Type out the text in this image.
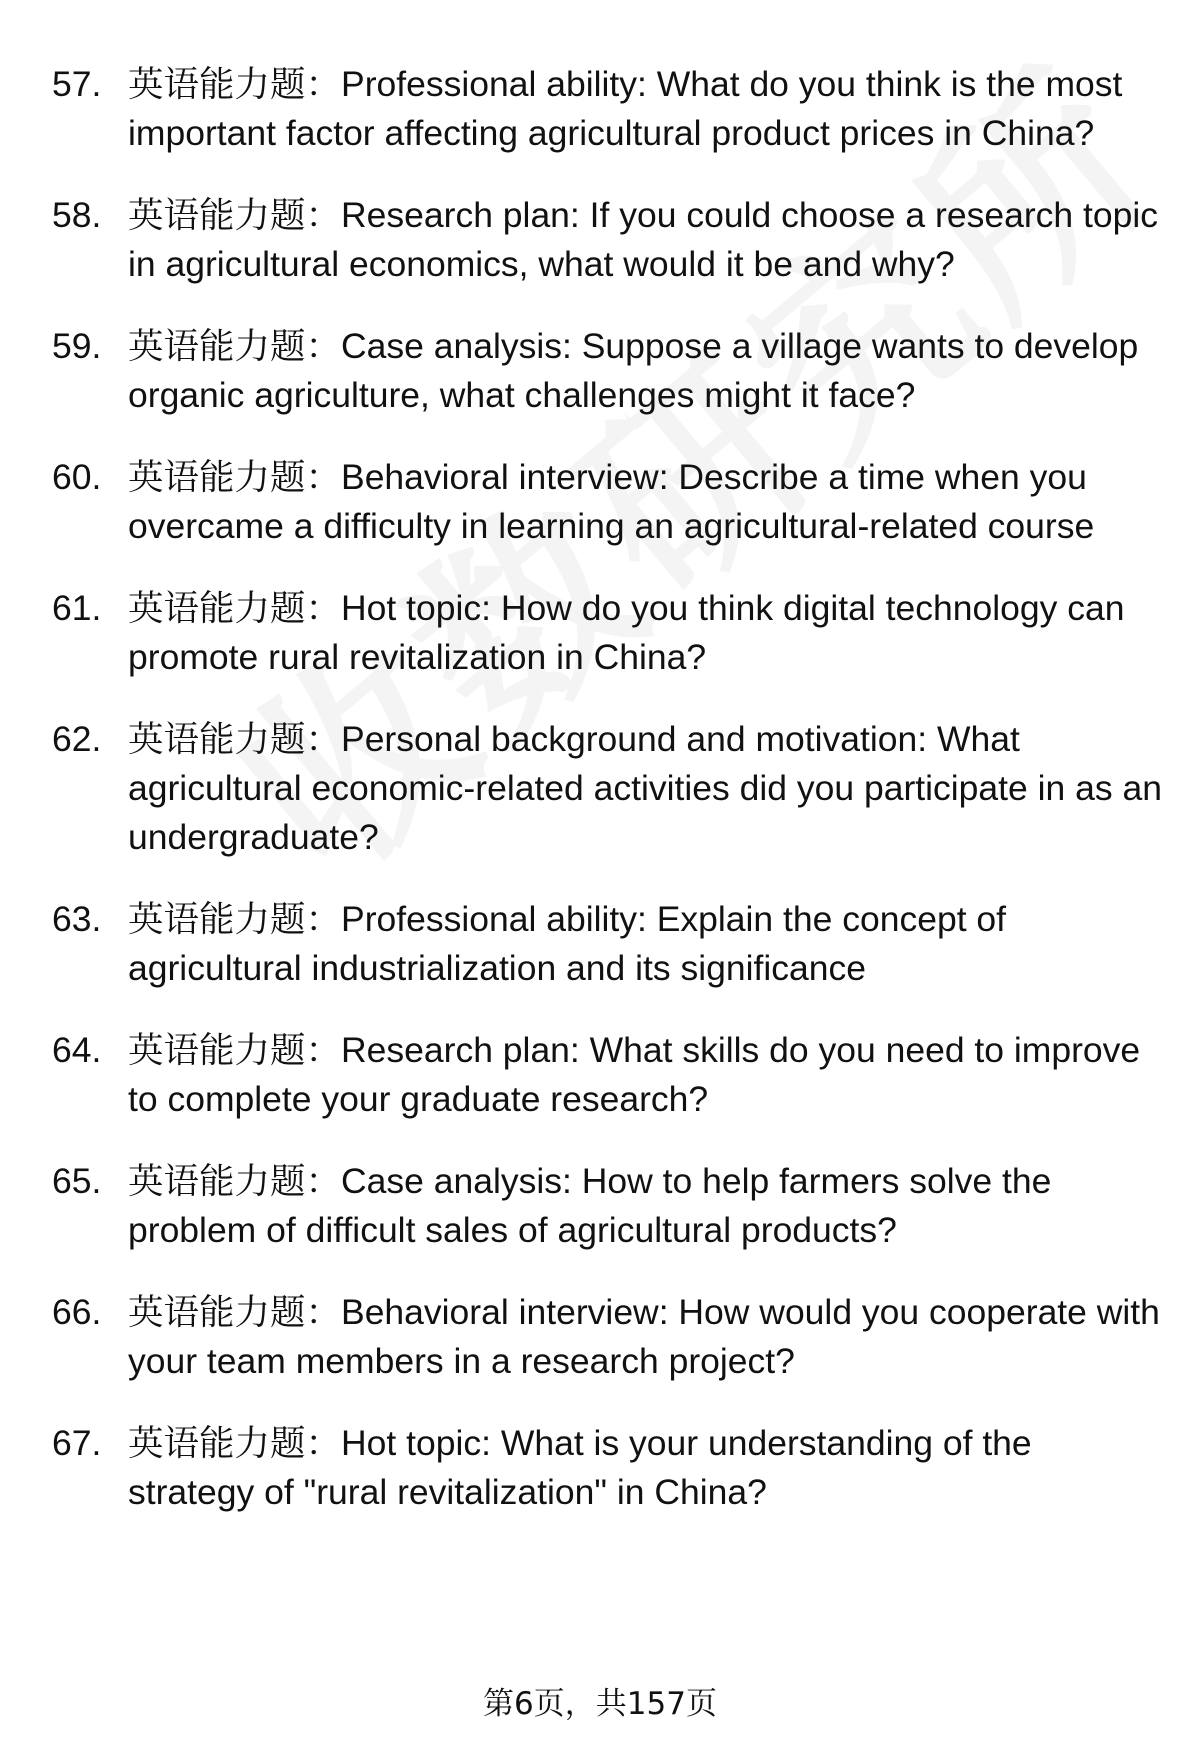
57. 英语能力题：Professional ability: What do you think is the most important factor affecting agricultural product prices in China?
58. 英语能力题：Research plan: If you could choose a research topic in agricultural economics, what would it be and why?
59. 英语能力题：Case analysis: Suppose a village wants to develop organic agriculture, what challenges might it face?
60. 英语能力题：Behavioral interview: Describe a time when you overcame a difficulty in learning an agricultural-related course
61. 英语能力题：Hot topic: How do you think digital technology can promote rural revitalization in China?
62. 英语能力题：Personal background and motivation: What agricultural economic-related activities did you participate in as an undergraduate?
63. 英语能力题：Professional ability: Explain the concept of agricultural industrialization and its significance
64. 英语能力题：Research plan: What skills do you need to improve to complete your graduate research?
65. 英语能力题：Case analysis: How to help farmers solve the problem of difficult sales of agricultural products?
66. 英语能力题：Behavioral interview: How would you cooperate with your team members in a research project?
67. 英语能力题：Hot topic: What is your understanding of the strategy of "rural revitalization" in China?
第6页，共157页
